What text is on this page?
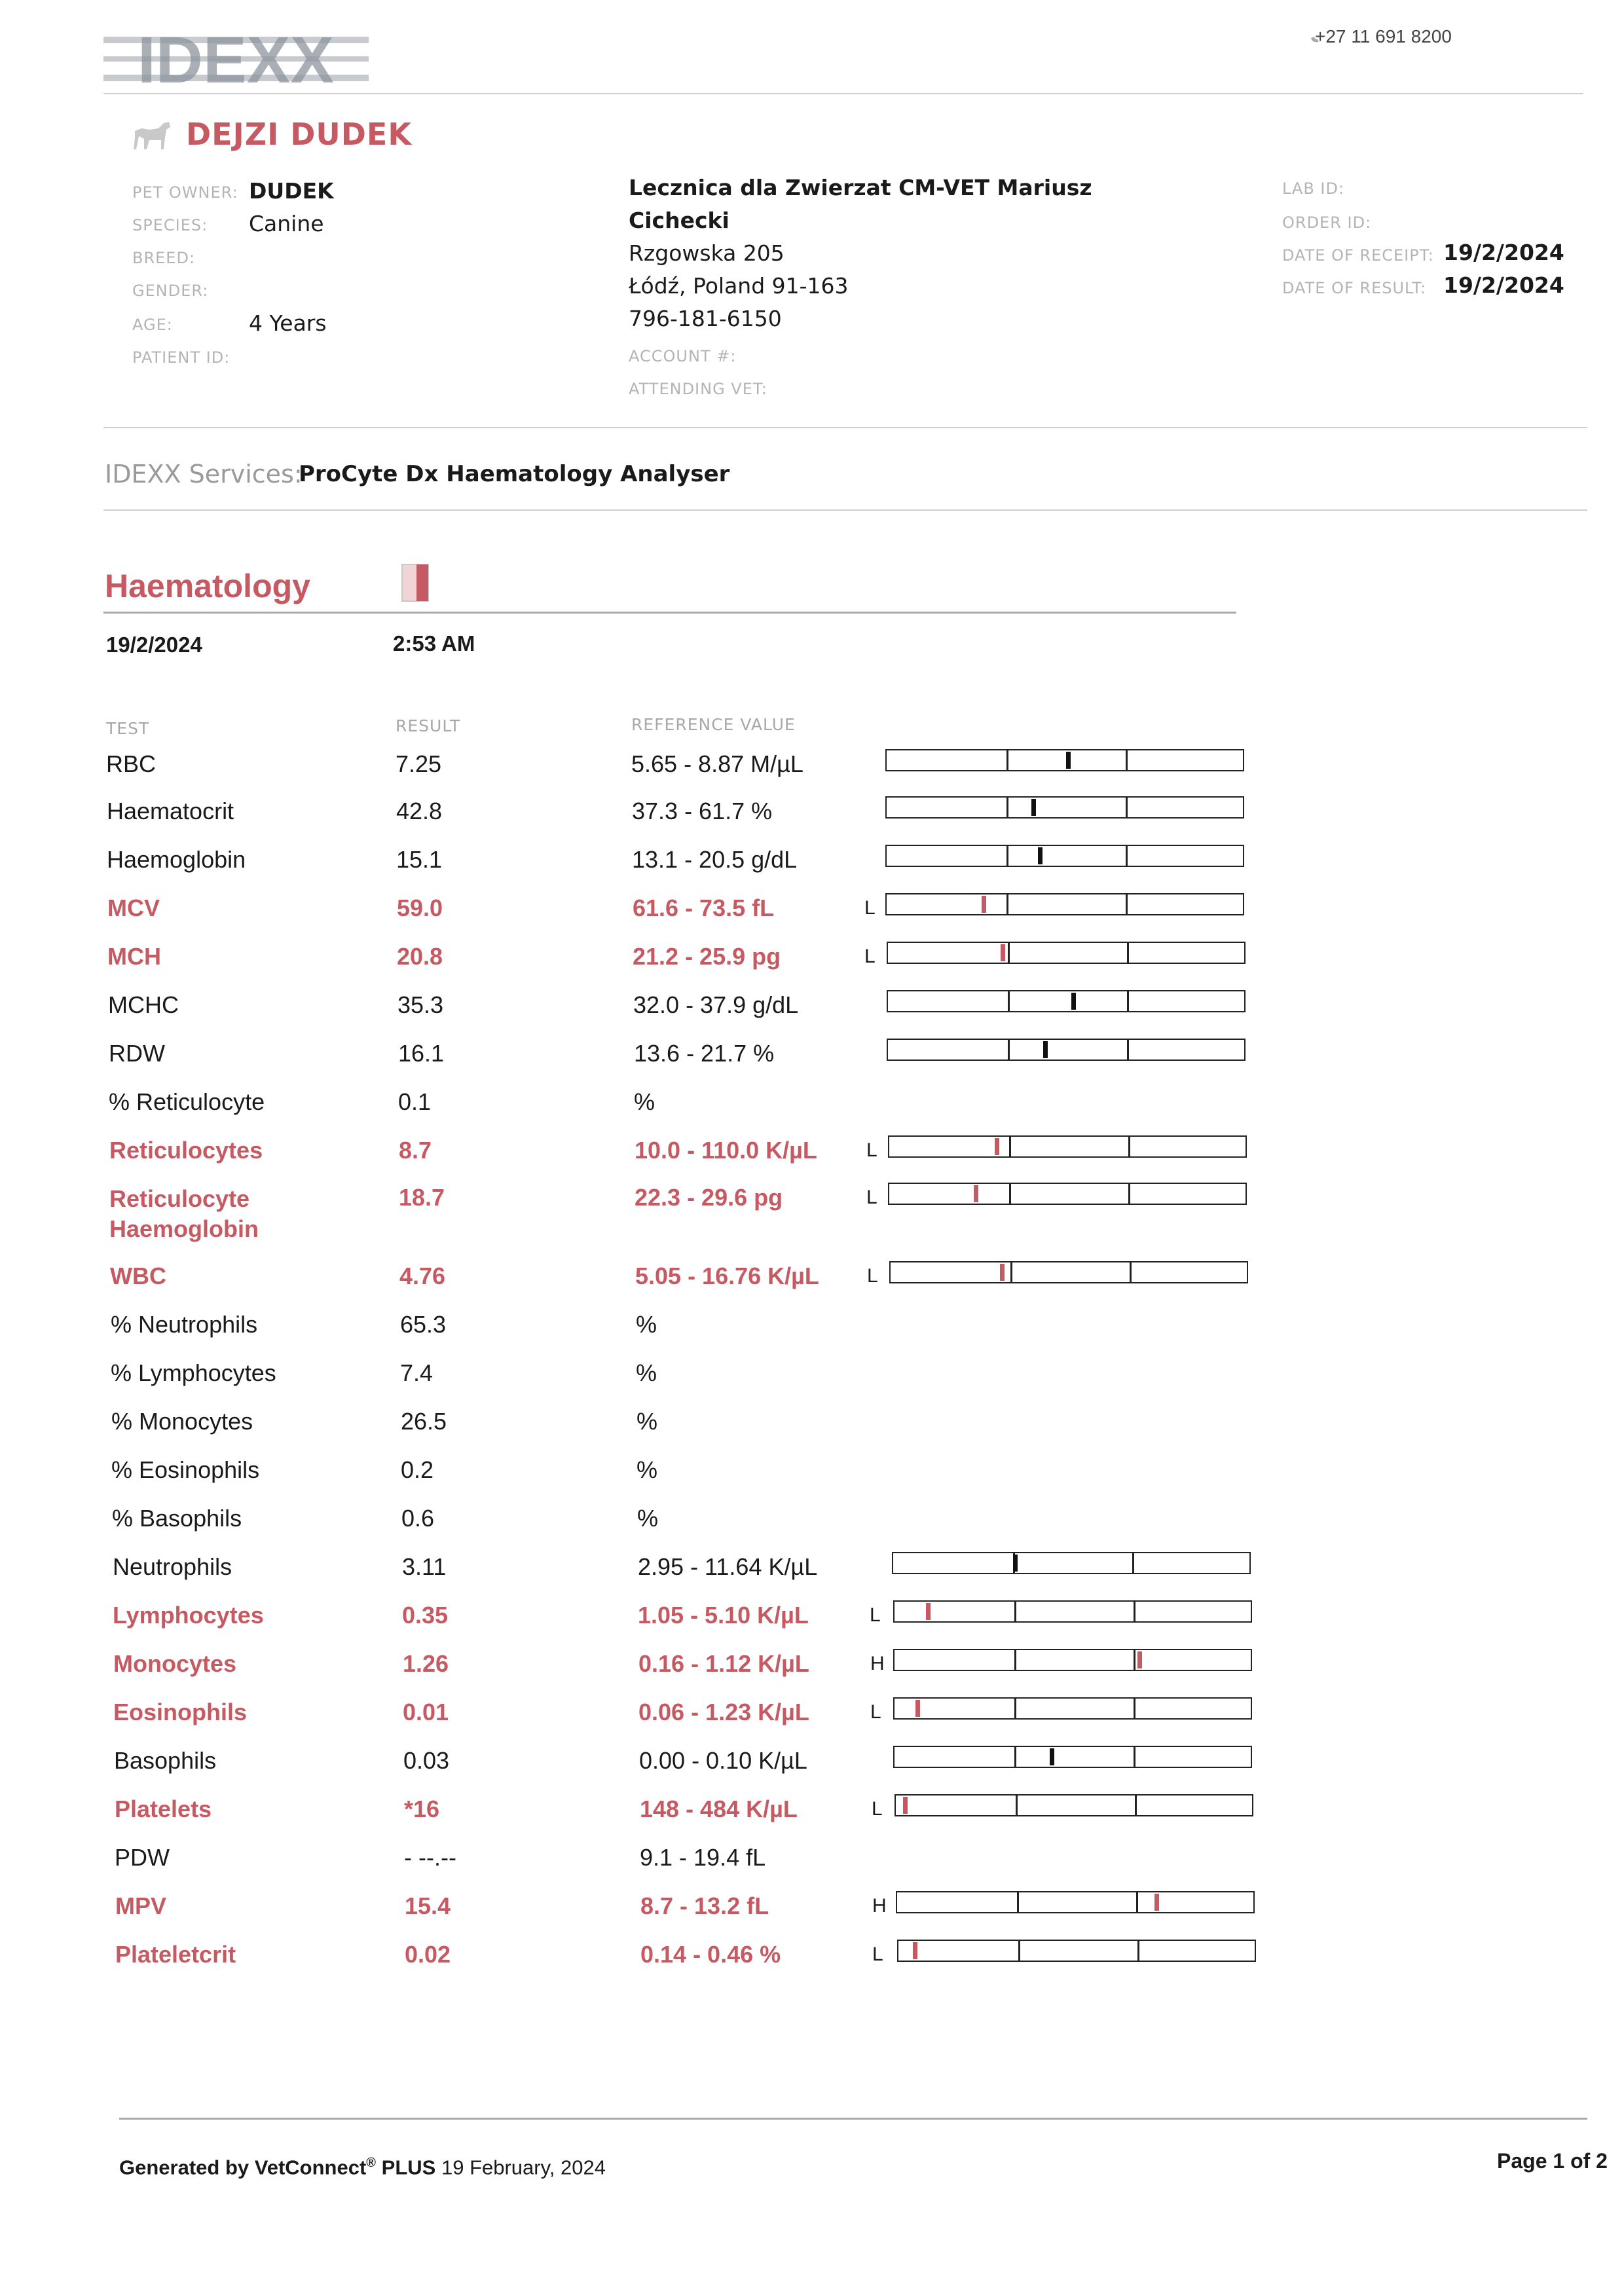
IDEXX	+27 11 691 8200
DEJZI DUDEK
PET OWNER: DUDEK
SPECIES: Canine
BREED:
GENDER:
AGE:	4 Years
PATIENT ID:
Lecznica dla Zwierzat CM-VET Mariusz
Cichecki
Rzgowska 205
Łódź, Poland 91-163
796-181-6150
ACCOUNT #:
ATTENDING VET:
LAB ID:
ORDER ID:
DATE OF RECEIPT: 19/2/2024
DATE OF RESULT: 19/2/2024
IDEXX Services:
ProCyte Dx Haematology Analyser
Haematology
19/2/2024	2:53 AM
TEST	RESULT	REFERENCE VALUE
RBC	7.25	5.65 - 8.87 M/µL
Haematocrit	42.8	37.3 - 61.7 %
Haemoglobin	15.1	13.1 - 20.5 g/dL
MCV	59.0	61.6 - 73.5 fL	L
MCH	20.8	21.2 - 25.9 pg	L
MCHC	35.3	32.0 - 37.9 g/dL
RDW	16.1	13.6 - 21.7 %
% Reticulocyte	0.1	%
Reticulocytes	8.7	10.0 - 110.0 K/µL	L
Reticulocyte Haemoglobin
18.7	22.3 - 29.6 pg	L
WBC	4.76	5.05 - 16.76 K/µL L
% Neutrophils	65.3	%
% Lymphocytes	7.4	%
% Monocytes	26.5	%
% Eosinophils	0.2	%
% Basophils	0.6	%
Neutrophils	3.11	2.95 - 11.64 K/µL
Lymphocytes	0.35	1.05 - 5.10 K/µL	L
Monocytes	1.26	0.16 - 1.12 K/µL	H
Eosinophils	0.01	0.06 - 1.23 K/µL	L
Basophils	0.03	0.00 - 0.10 K/µL
Platelets	*16	148 - 484 K/µL	L
PDW	- --.--	9.1 - 19.4 fL
MPV	15.4	8.7 - 13.2 fL	H
Plateletcrit	0.02	0.14 - 0.46 %	L
Generated by VetConnect® PLUS 19 February, 2024	Page 1 of 2
